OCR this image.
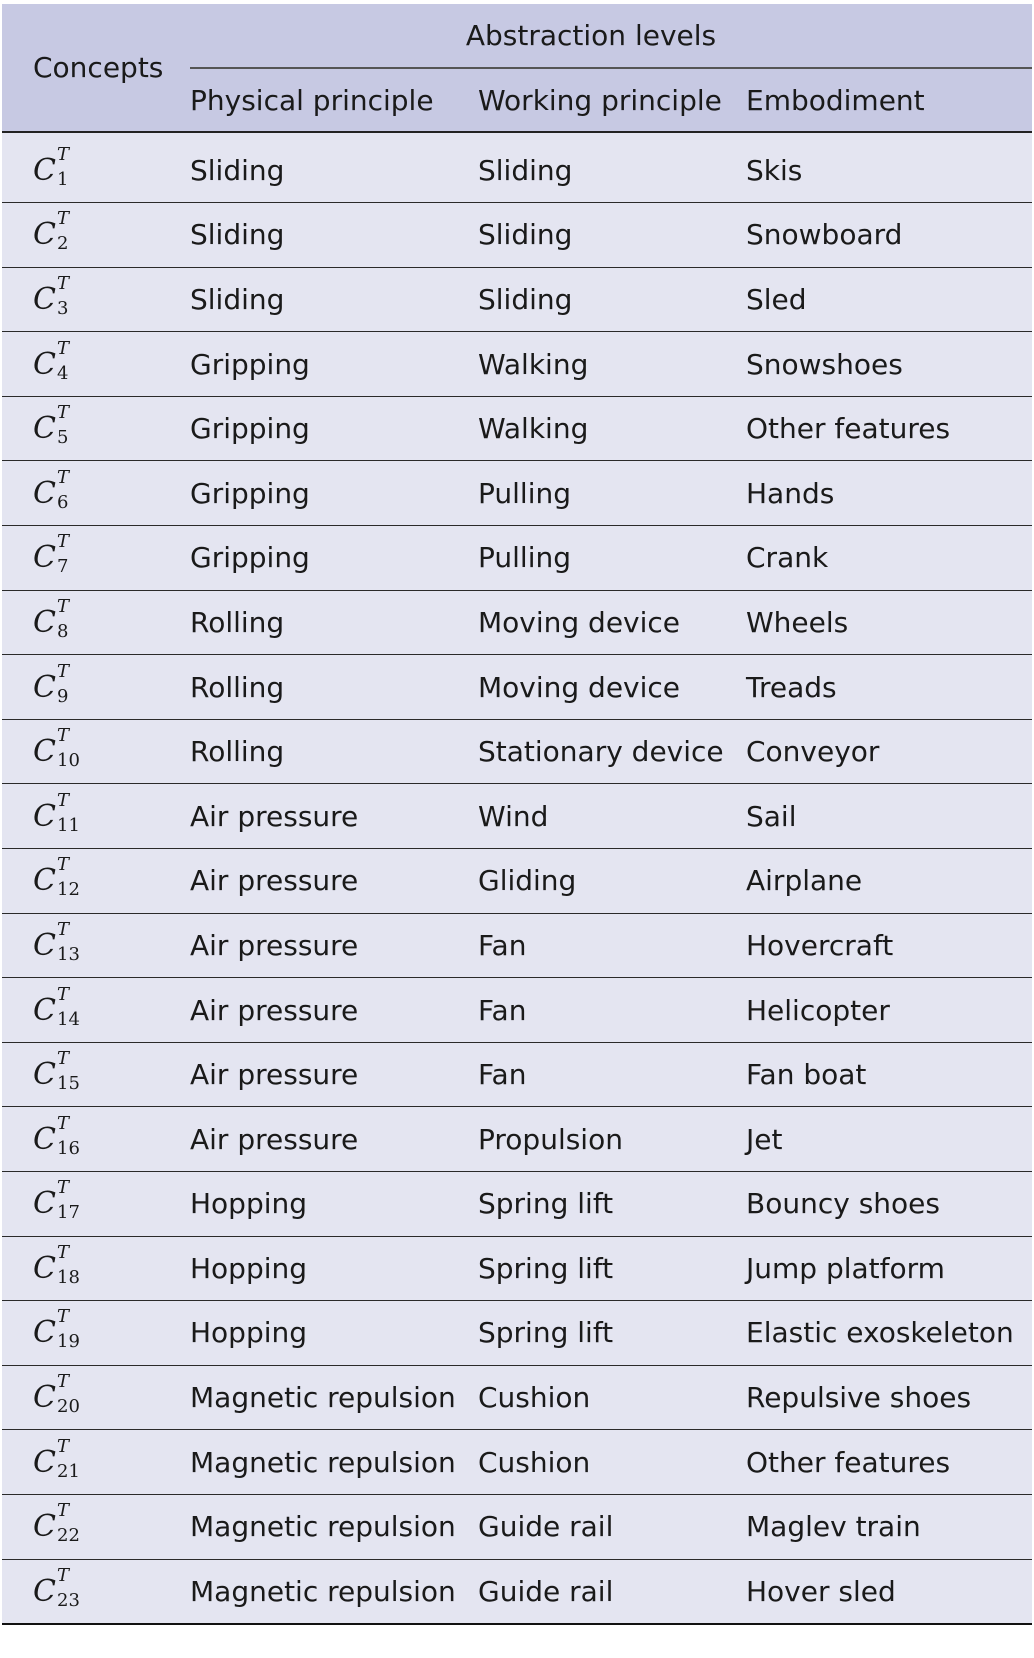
Concepts	Abstraction levels		
	Physical principle	Working principle	Embodiment

C T
1	Sliding	Sliding	Skis
C T
2	Sliding	Sliding	Snowboard
C T
3	Sliding	Sliding	Sled
C T
4	Gripping	Walking	Snowshoes
C T
5	Gripping	Walking	Other features
C T
6	Gripping	Pulling	Hands
C T
7	Gripping	Pulling	Crank
C T
8	Rolling	Moving device	Wheels
C T
9	Rolling	Moving device	Treads
C T
10	Rolling	Stationary device	Conveyor
C T
11	Air pressure	Wind	Sail
C T
12	Air pressure	Gliding	Airplane
C T
13	Air pressure	Fan	Hovercraft
C T
14	Air pressure	Fan	Helicopter
C T
15	Air pressure	Fan	Fan boat
C T
16	Air pressure	Propulsion	Jet
C T
17	Hopping	Spring lift	Bouncy shoes
C T
18	Hopping	Spring lift	Jump platform
C T
19	Hopping	Spring lift	Elastic exoskeleton
C T
20	Magnetic repulsion	Cushion	Repulsive shoes
C T
21	Magnetic repulsion	Cushion	Other features
C T
22	Magnetic repulsion	Guide rail	Maglev train
C T
23	Magnetic repulsion	Guide rail	Hover sled
